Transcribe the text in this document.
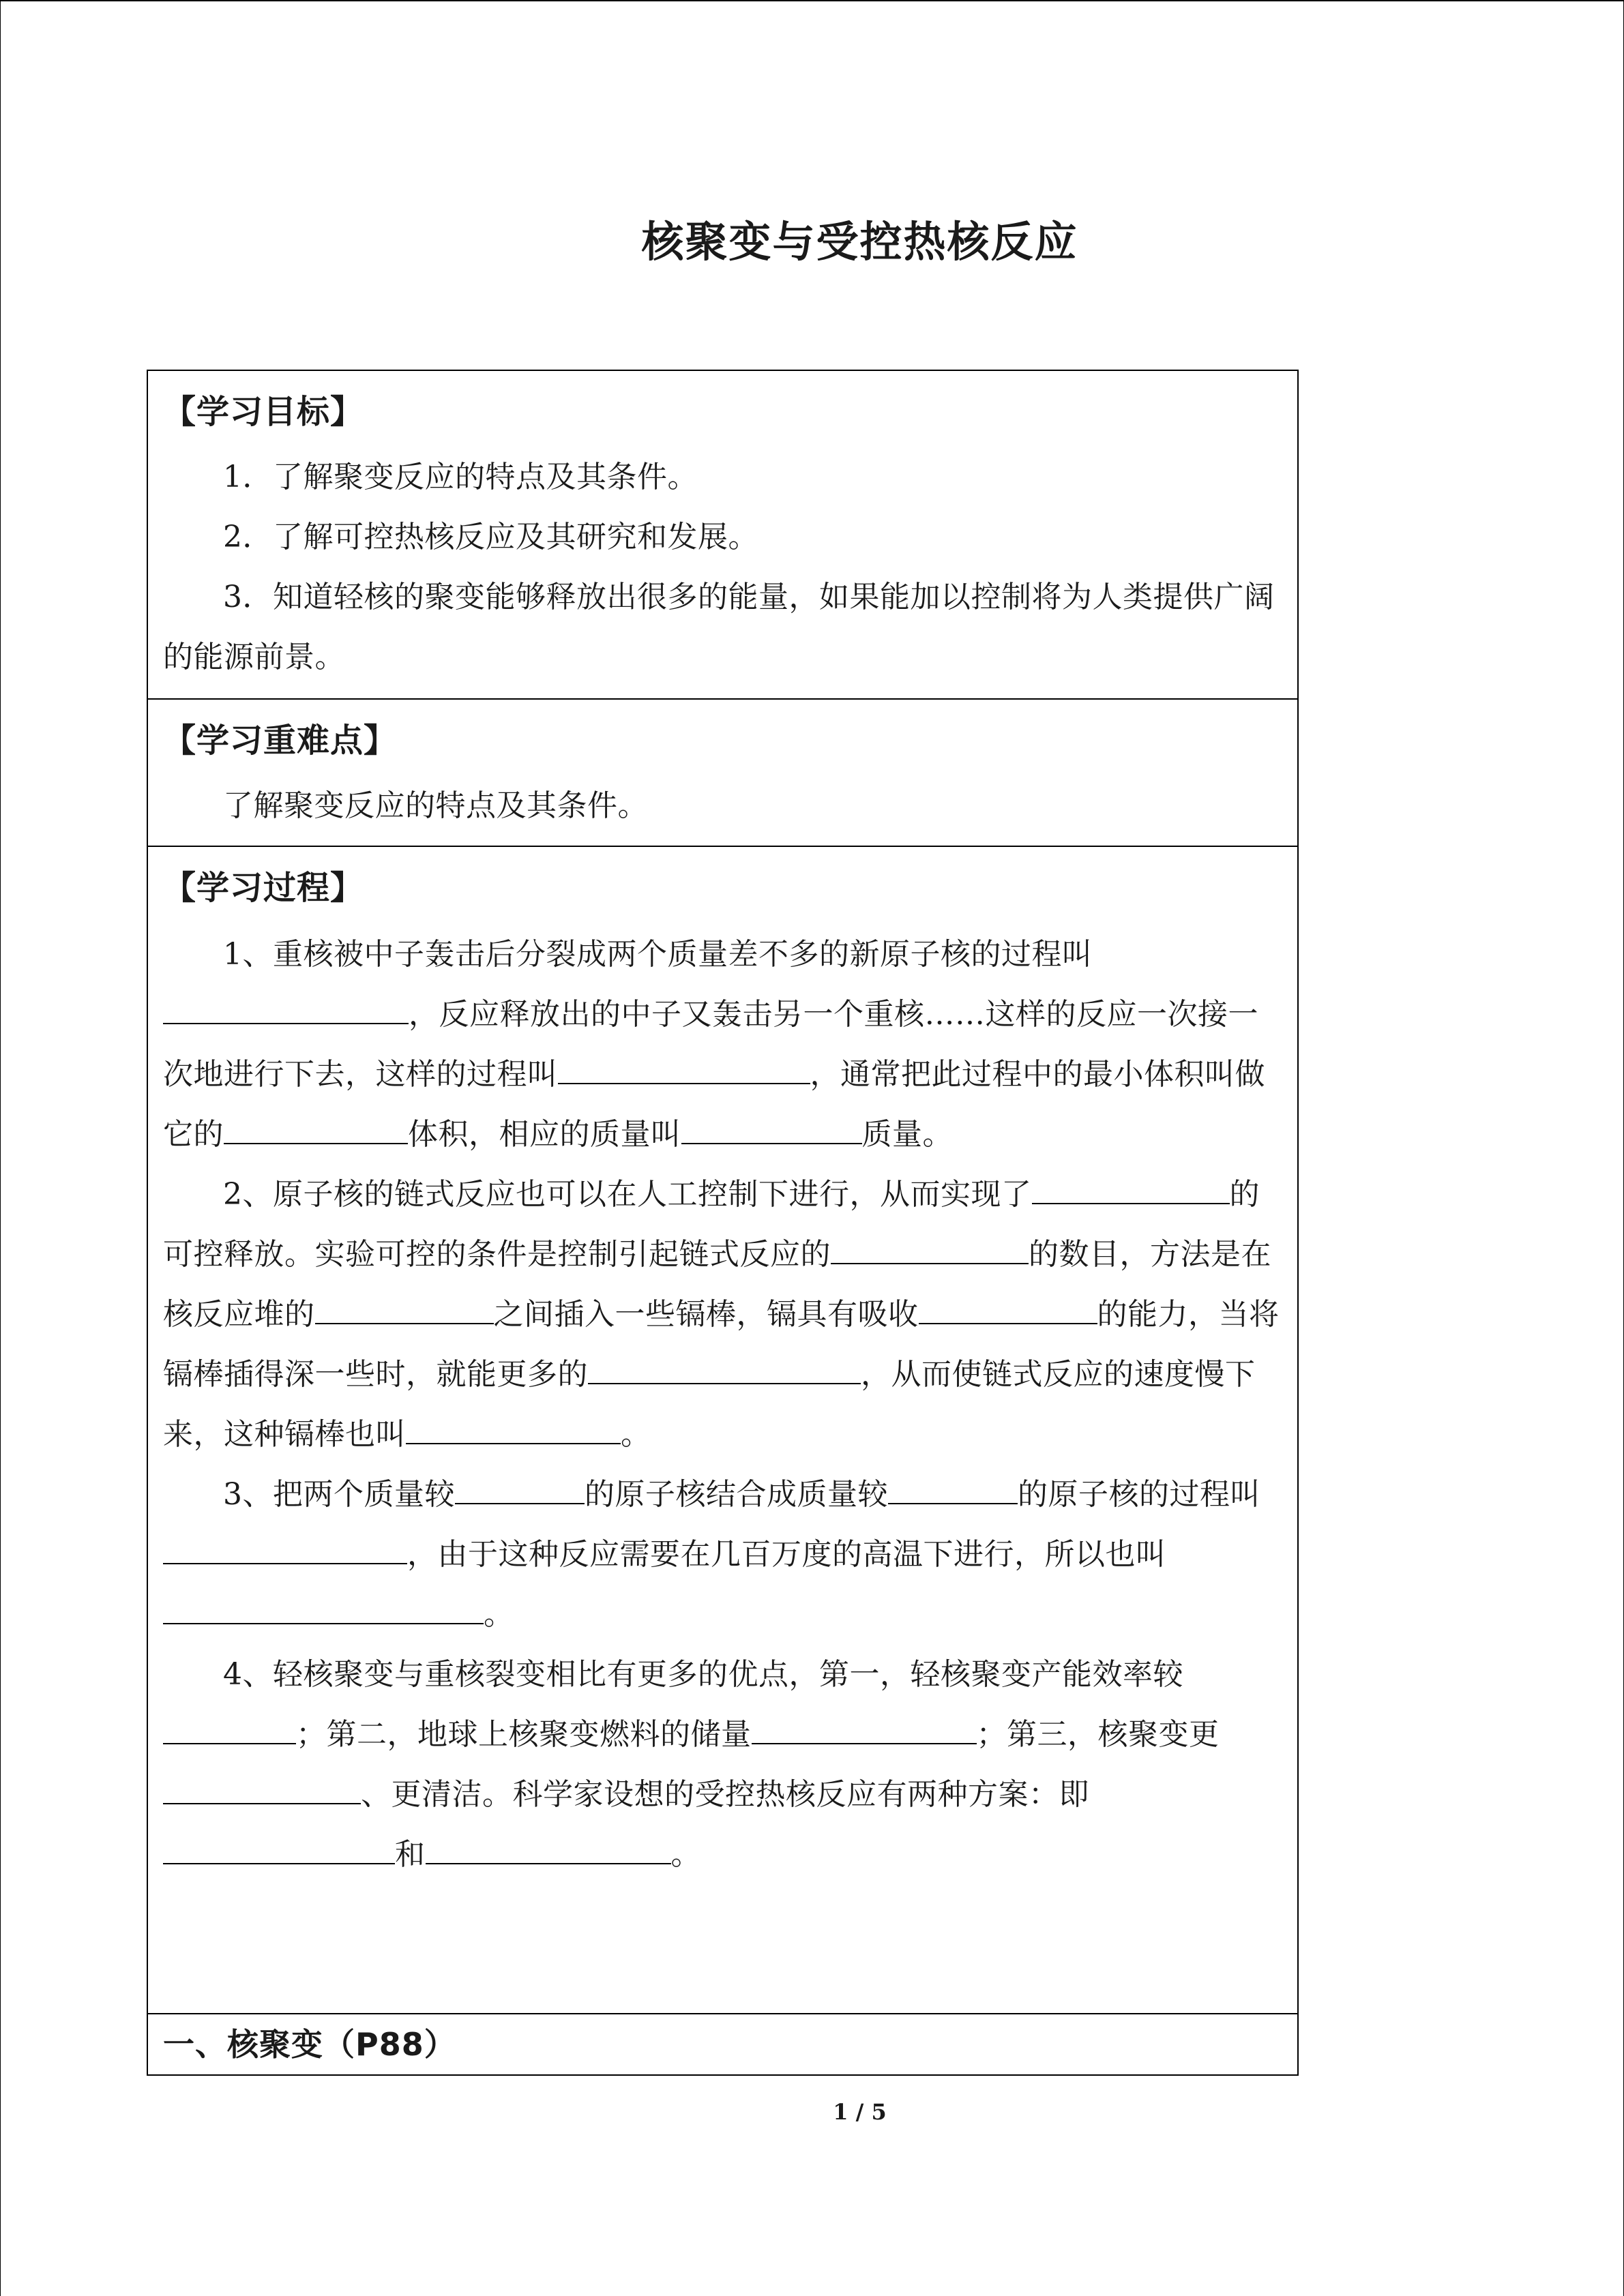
核聚变与受控热核反应
【学习目标】
1．了解聚变反应的特点及其条件。
2．了解可控热核反应及其研究和发展。
3．知道轻核的聚变能够释放出很多的能量，如果能加以控制将为人类提供广阔的能源前景。
【学习重难点】
了解聚变反应的特点及其条件。
【学习过程】
1、重核被中子轰击后分裂成两个质量差不多的新原子核的过程叫，反应释放出的中子又轰击另一个重核……这样的反应一次接一次地进行下去，这样的过程叫	，通常把此过程中的最小体积叫做它的	体积，相应的质量叫	质量。
2、原子核的链式反应也可以在人工控制下进行，从而实现了	的可控释放。实验可控的条件是控制引起链式反应的	的数目，方法是在核反应堆的	之间插入一些镉棒，镉具有吸收	的能力，当将镉棒插得深一些时，就能更多的	，从而使链式反应的速度慢下来，这种镉棒也叫	。
3、把两个质量较	的原子核结合成质量较	的原子核的过程叫，由于这种反应需要在几百万度的高温下进行，所以也叫。
4、轻核聚变与重核裂变相比有更多的优点，第一，轻核聚变产能效率较；第二，地球上核聚变燃料的储量	；第三，核聚变更、更清洁。科学家设想的受控热核反应有两种方案：即和	。
一、核聚变（P88）
1 / 5
